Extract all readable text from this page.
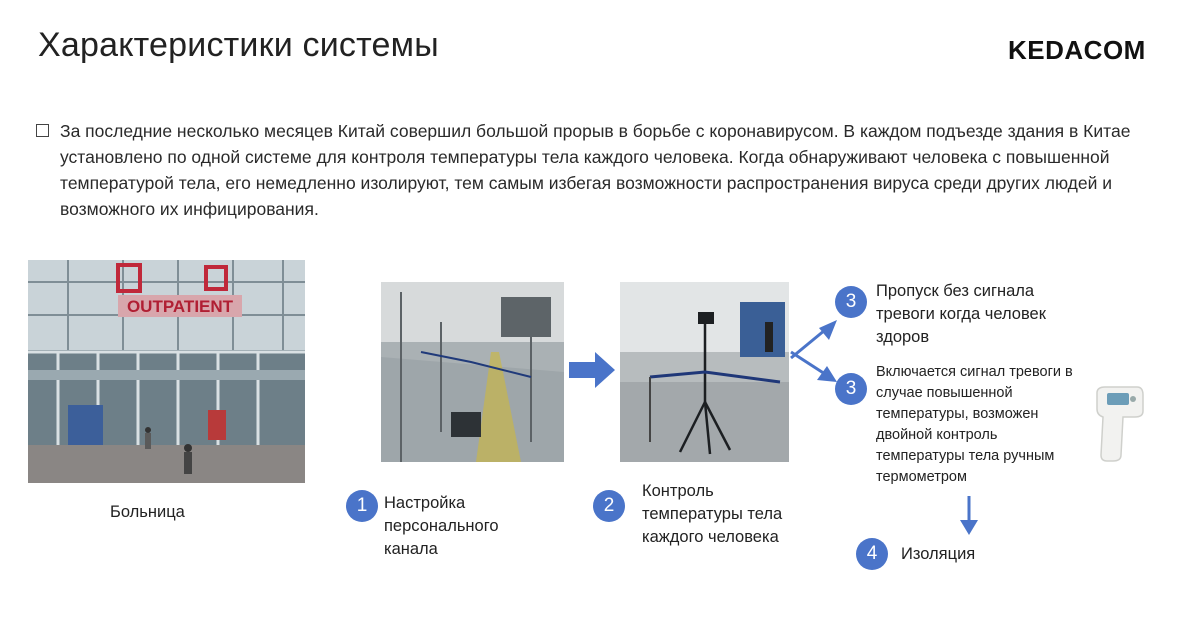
Характеристики системы	KEDACOM
За последние несколько месяцев Китай совершил большой прорыв в борьбе с коронавирусом. В каждом подъезде здания в Китае установлено по одной системе для контроля температуры тела каждого человека. Когда обнаруживают человека с повышенной температурой тела, его немедленно изолируют, тем самым избегая возможности распространения вируса среди других людей и возможного их инфицирования.
OUTPATIENT
Больница	1	Настройка персонального канала
2
Контроль температуры тела каждого человека
3	Пропуск без сигнала тревоги когда человек здоров
3
Включается сигнал тревоги в случае повышенной температуры, возможен двойной контроль температуры тела ручным термометром
4	Изоляция
